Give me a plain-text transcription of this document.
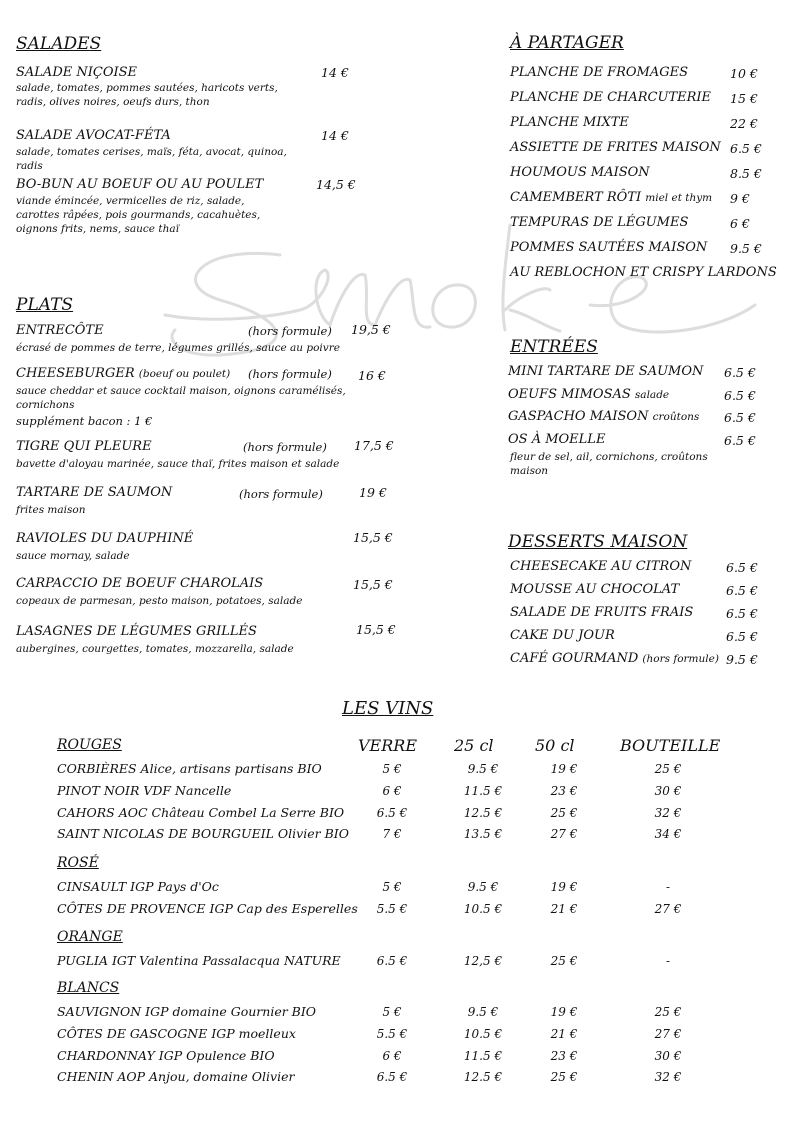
SALADES
SALADE NIÇOISE	14 €
salade, tomates, pommes sautées, haricots verts, radis, olives noires, oeufs durs, thon
SALADE AVOCAT-FÉTA	14 €
salade, tomates cerises, maïs, féta, avocat, quinoa, radis
BO-BUN AU BOEUF OU AU POULET	14,5 €
viande émincée, vermicelles de riz, salade, carottes râpées, pois gourmands, cacahuètes, oignons frits, nems, sauce thaï
PLATS
ENTRECÔTE	(hors formule) 19,5 €
écrasé de pommes de terre, légumes grillés, sauce au poivre
CHEESEBURGER (boeuf ou poulet) (hors formule) 16 €
sauce cheddar et sauce cocktail maison, oignons caramélisés, cornichons
supplément bacon : 1 €
TIGRE QUI PLEURE	(hors formule) 17,5 €
bavette d'aloyau marinée, sauce thaï, frites maison et salade
TARTARE DE SAUMON	(hors formule)	19 €
frites maison
RAVIOLES DU DAUPHINÉ	15,5 €
sauce mornay, salade
CARPACCIO DE BOEUF CHAROLAIS	15,5 €
copeaux de parmesan, pesto maison, potatoes, salade
LASAGNES DE LÉGUMES GRILLÉS	15,5 €
aubergines, courgettes, tomates, mozzarella, salade
À PARTAGER
PLANCHE DE FROMAGES	10 €
PLANCHE DE CHARCUTERIE 15 €
PLANCHE MIXTE	22 €
ASSIETTE DE FRITES MAISON 6.5 €
HOUMOUS MAISON	8.5 €
CAMEMBERT RÔTI miel et thym 9 €
TEMPURAS DE LÉGUMES	6 €
POMMES SAUTÉES MAISON 9.5 €
AU REBLOCHON ET CRISPY LARDONS
ENTRÉES
MINI TARTARE DE SAUMON 6.5 €
OEUFS MIMOSAS salade	6.5 €
GASPACHO MAISON croûtons 6.5 €
OS À MOELLE	6.5 €
fleur de sel, ail, cornichons, croûtons maison
DESSERTS MAISON
CHEESECAKE AU CITRON	6.5 €
MOUSSE AU CHOCOLAT	6.5 €
SALADE DE FRUITS FRAIS	6.5 €
CAKE DU JOUR	6.5 €
CAFÉ GOURMAND (hors formule) 9.5 €
LES VINS
VERRE 25 cl	50 cl	BOUTEILLE
ROUGES
CORBIÈRES Alice, artisans partisans BIO	5 €	9.5 €	19 €	25 €
PINOT NOIR VDF Nancelle	6 €	11.5 €	23 €	30 €
CAHORS AOC Château Combel La Serre BIO	6.5 €	12.5 €	25 €	32 €
SAINT NICOLAS DE BOURGUEIL Olivier BIO	7 €	13.5 €	27 €	34 €
ROSÉ
CINSAULT IGP Pays d'Oc	5 €	9.5 €	19 €	-
CÔTES DE PROVENCE IGP Cap des Esperelles	5.5 €	10.5 €	21 €	27 €
ORANGE
PUGLIA IGT Valentina Passalacqua NATURE	6.5 €	12,5 €	25 €	-
BLANCS
SAUVIGNON IGP domaine Gournier BIO	5 €	9.5 €	19 €	25 €
CÔTES DE GASCOGNE IGP moelleux	5.5 €	10.5 €	21 €	27 €
CHARDONNAY IGP Opulence BIO	6 €	11.5 €	23 €	30 €
CHENIN AOP Anjou, domaine Olivier	6.5 €	12.5 €	25 €	32 €
